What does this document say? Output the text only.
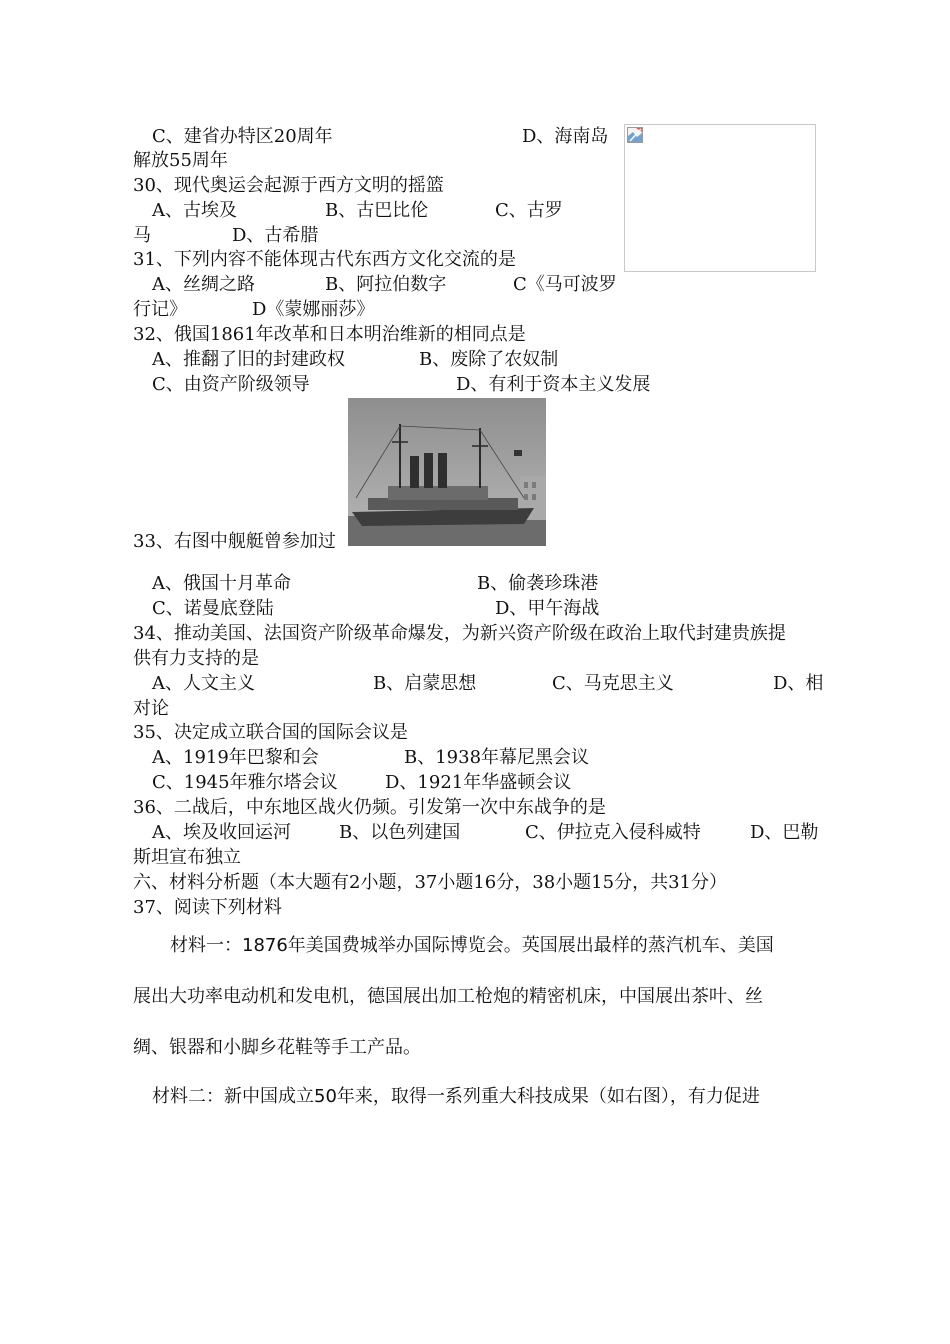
C、建省办特区20周年	D、海南岛
解放55周年
30、现代奥运会起源于西方文明的摇篮
A、古埃及	B、古巴比伦	C、古罗
马	D、古希腊
31、下列内容不能体现古代东西方文化交流的是
A、丝绸之路	B、阿拉伯数字	C《马可波罗
行记》	D《蒙娜丽莎》
32、俄国1861年改革和日本明治维新的相同点是
A、推翻了旧的封建政权	B、废除了农奴制
C、由资产阶级领导	D、有利于资本主义发展
33、右图中舰艇曾参加过
A、俄国十月革命	B、偷袭珍珠港
C、诺曼底登陆	D、甲午海战
34、推动美国、法国资产阶级革命爆发，为新兴资产阶级在政治上取代封建贵族提
供有力支持的是
A、人文主义	B、启蒙思想	C、马克思主义	D、相
对论
35、决定成立联合国的国际会议是
A、1919年巴黎和会	B、1938年幕尼黑会议
C、1945年雅尔塔会议	D、1921年华盛顿会议
36、二战后，中东地区战火仍频。引发第一次中东战争的是
A、埃及收回运河	B、以色列建国	C、伊拉克入侵科威特	D、巴勒
斯坦宣布独立
六、材料分析题（本大题有2小题，37小题16分，38小题15分，共31分）
37、阅读下列材料
材料一：1876年美国费城举办国际博览会。英国展出最样的蒸汽机车、美国
展出大功率电动机和发电机，德国展出加工枪炮的精密机床，中国展出茶叶、丝
绸、银器和小脚乡花鞋等手工产品。
材料二：新中国成立50年来，取得一系列重大科技成果（如右图），有力促进
